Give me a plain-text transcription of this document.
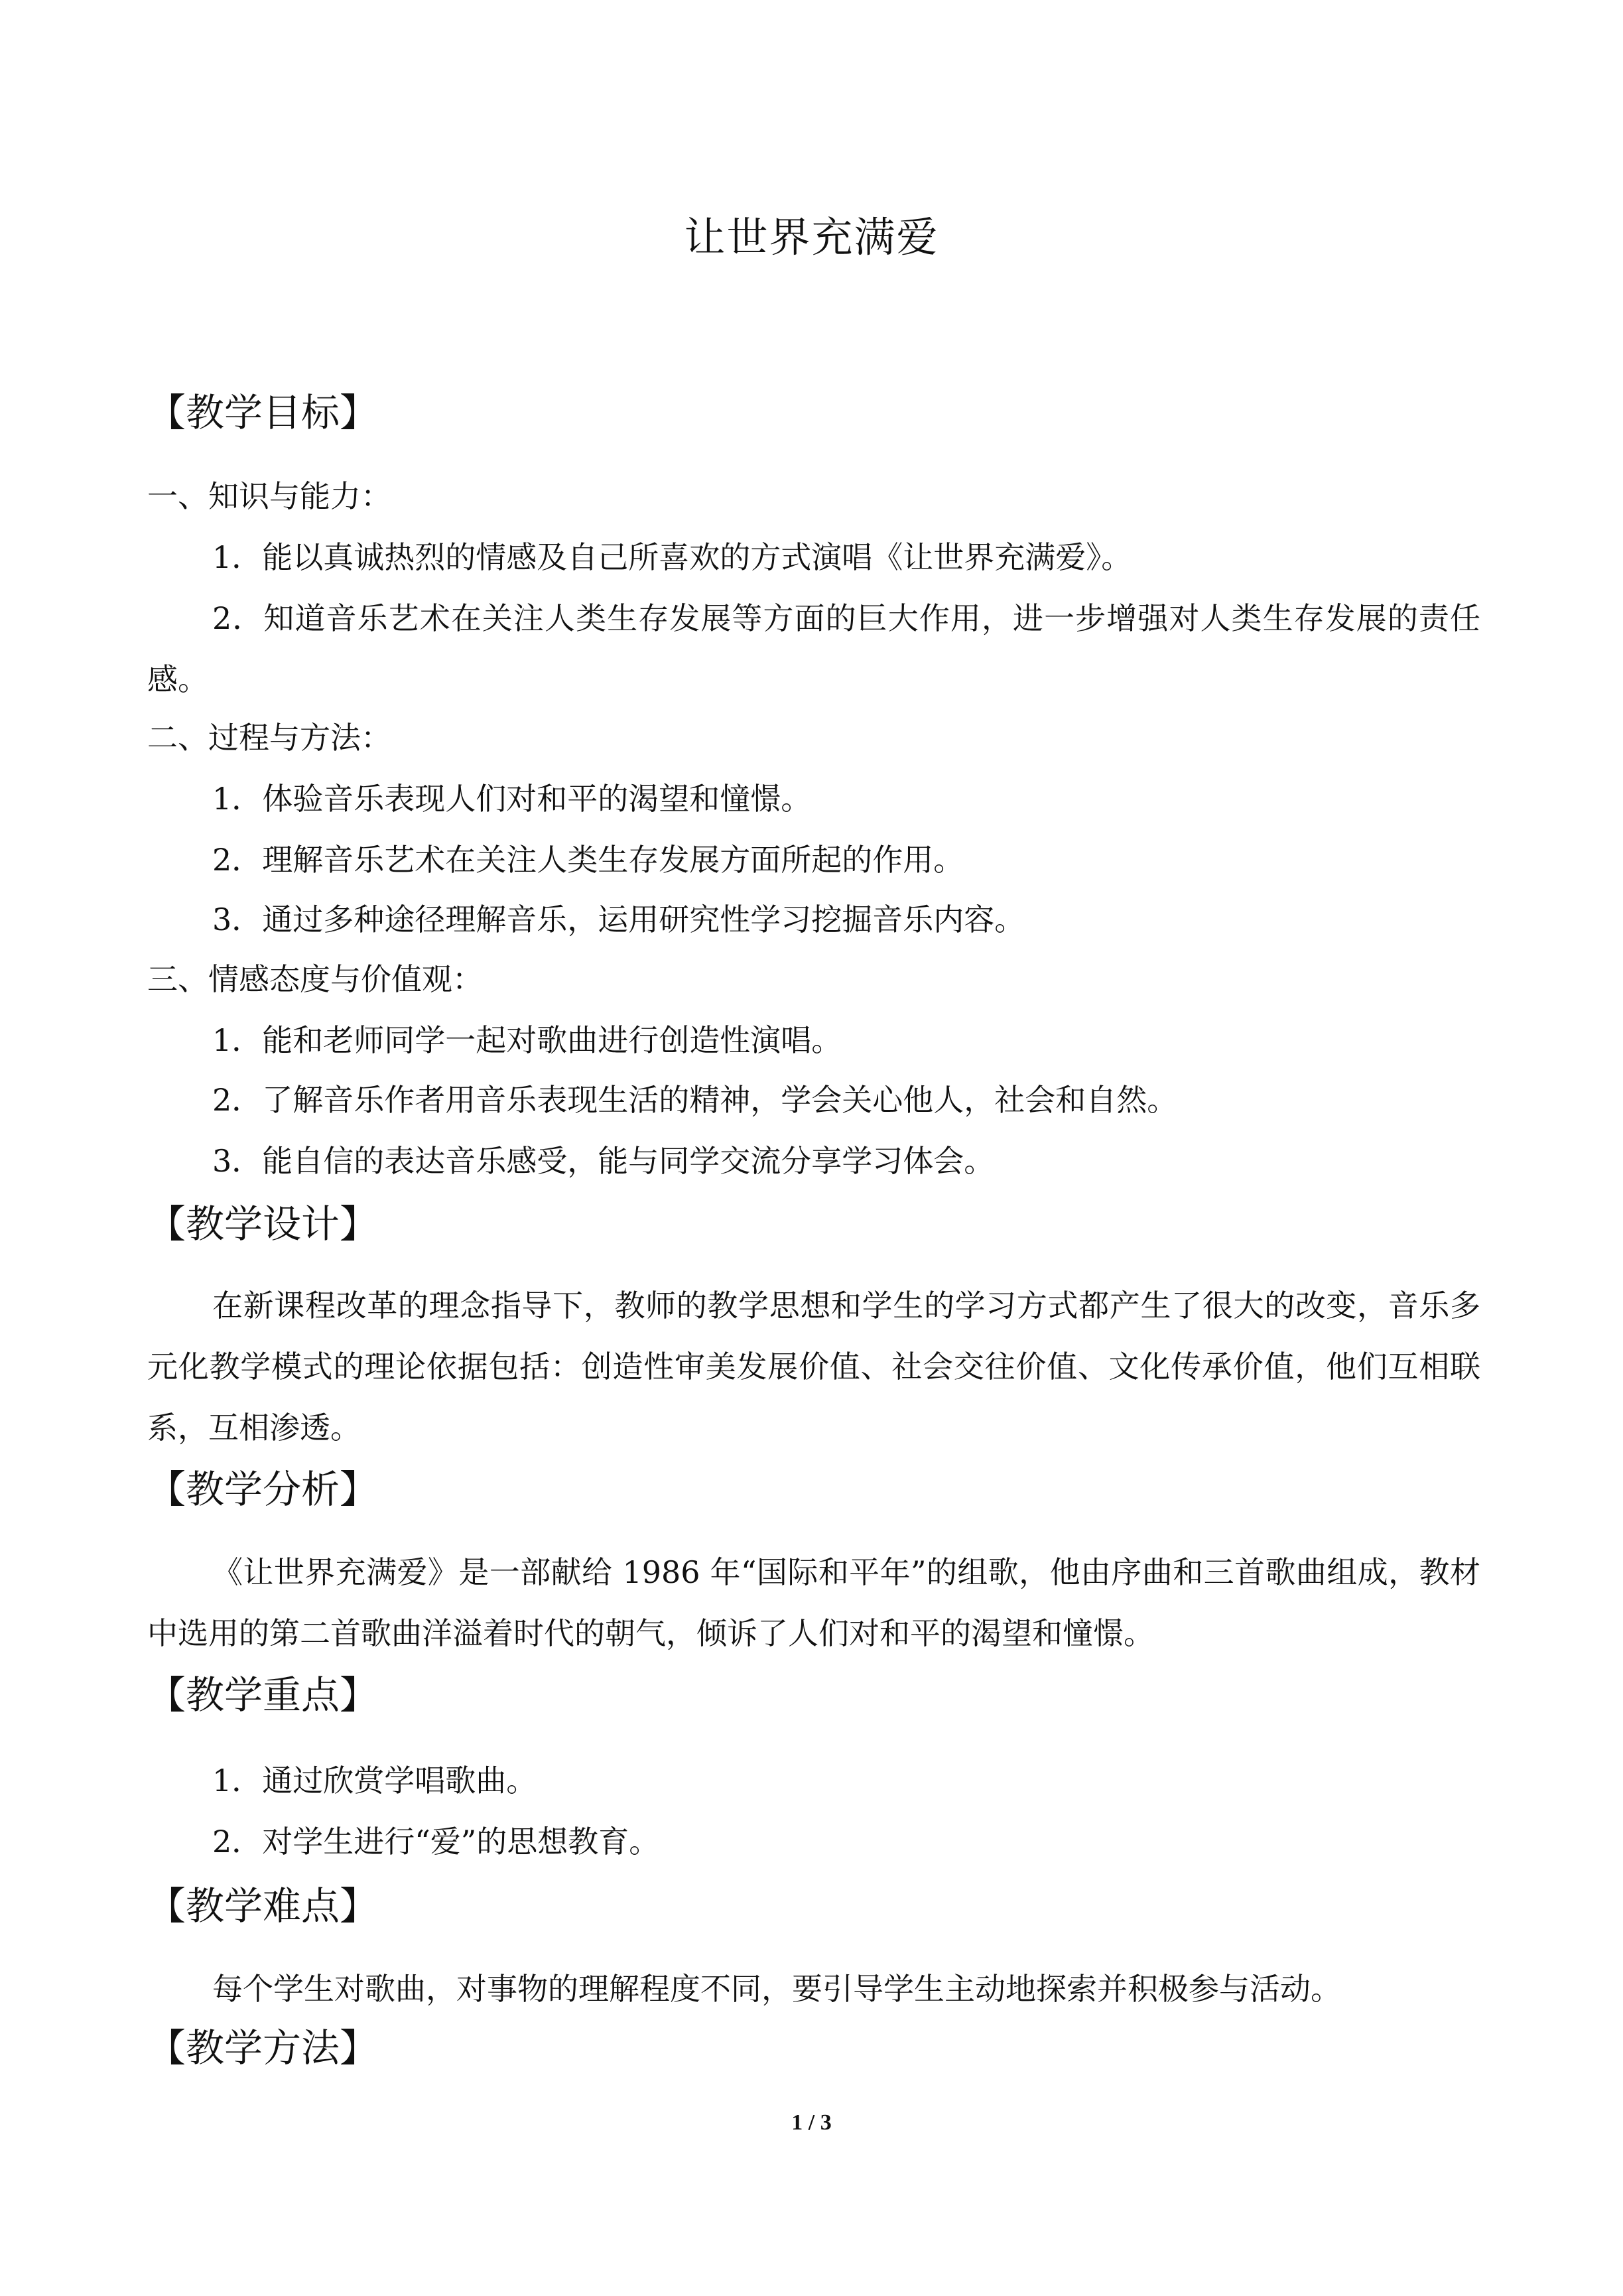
让世界充满爱
【教学目标】
一、知识与能力：
1．能以真诚热烈的情感及自己所喜欢的方式演唱《让世界充满爱》。
2．知道音乐艺术在关注人类生存发展等方面的巨大作用，进一步增强对人类生存发展的责任感。
二、过程与方法：
1．体验音乐表现人们对和平的渴望和憧憬。
2．理解音乐艺术在关注人类生存发展方面所起的作用。
3．通过多种途径理解音乐，运用研究性学习挖掘音乐内容。
三、情感态度与价值观：
1．能和老师同学一起对歌曲进行创造性演唱。
2．了解音乐作者用音乐表现生活的精神，学会关心他人，社会和自然。
3．能自信的表达音乐感受，能与同学交流分享学习体会。
【教学设计】
在新课程改革的理念指导下，教师的教学思想和学生的学习方式都产生了很大的改变，音乐多元化教学模式的理论依据包括：创造性审美发展价值、社会交往价值、文化传承价值，他们互相联系，互相渗透。
【教学分析】
《让世界充满爱》是一部献给 1986 年“国际和平年”的组歌，他由序曲和三首歌曲组成，教材中选用的第二首歌曲洋溢着时代的朝气，倾诉了人们对和平的渴望和憧憬。
【教学重点】
1．通过欣赏学唱歌曲。
2．对学生进行“爱”的思想教育。
【教学难点】
每个学生对歌曲，对事物的理解程度不同，要引导学生主动地探索并积极参与活动。
【教学方法】
1 / 3
